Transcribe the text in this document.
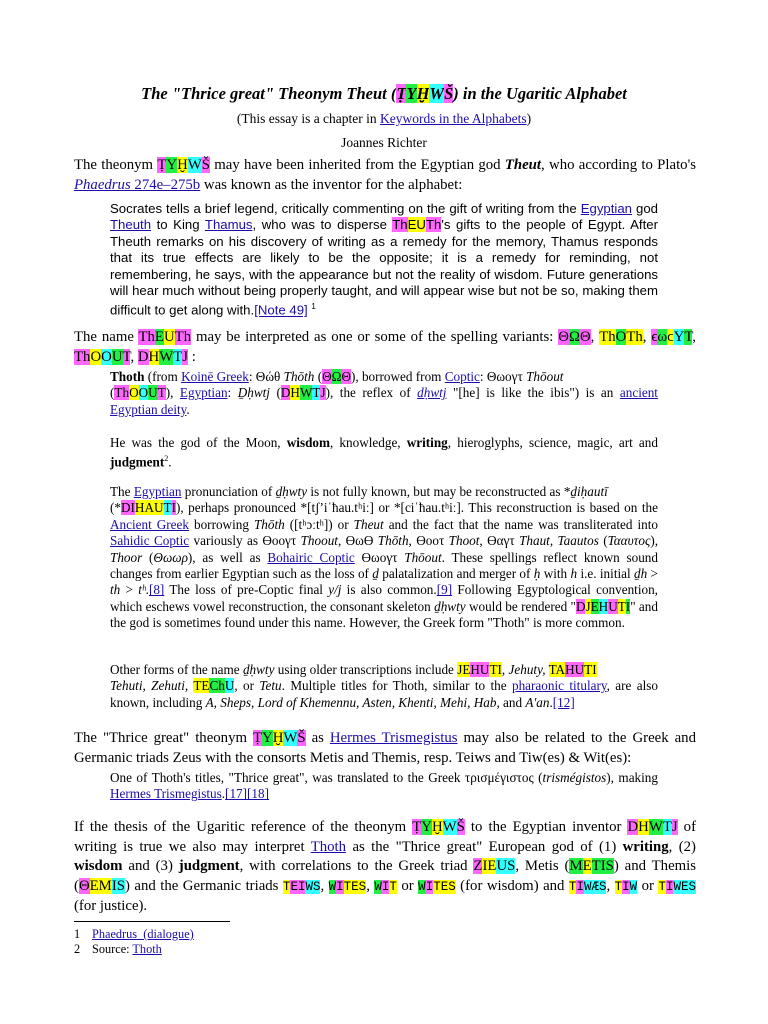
The "Thrice great" Theonym Theut (ṬYḪWŠ) in the Ugaritic Alphabet

(This essay is a chapter in Keywords in the Alphabets)

Joannes Richter

The theonym ṬYḪWŠ may have been inherited from the Egyptian god Theut, who according to Plato's Phaedrus 274e–275b was known as the inventor for the alphabet:

Socrates tells a brief legend, critically commenting on the gift of writing from the Egyptian god Theuth to King Thamus, who was to disperse ThEUTh's gifts to the people of Egypt. After Theuth remarks on his discovery of writing as a remedy for the memory, Thamus responds that its true effects are likely to be the opposite; it is a remedy for reminding, not remembering, he says, with the appearance but not the reality of wisdom. Future generations will hear much without being properly taught, and will appear wise but not be so, making them difficult to get along with.[Note 49] $^1$

The name ThEUTh may be interpreted as one or some of the spelling variants: ΘΩΘ, ThOTh, ϵωϲΥΤ, ThOOUT, DHWTJ :

Thoth (from Koinē Greek: Θώθ Thōth (ΘΩΘ), borrowed from Coptic: Θωογτ Thōout
(ThOOUT), Egyptian: Ḏḥwtj (DHWTJ), the reflex of ḏḥwtj "[he] is like the ibis") is an ancient Egyptian deity.

He was the god of the Moon, wisdom, knowledge, writing, hieroglyphs, science, magic, art and judgment$^2$.

The Egyptian pronunciation of ḏḥwty is not fully known, but may be reconstructed as *ḏiḥautī
(*DIHAUTI), perhaps pronounced *[tʃʼiˈħau.tʰiː] or *[ciˈħau.tʰiː]. This reconstruction is based on the Ancient Greek borrowing Thōth ([tʰɔːtʰ]) or Theut and the fact that the name was transliterated into Sahidic Coptic variously as ϴοογτ Thoout, ϴωϴ Thōth, ϴοοτ Thoot, ϴαγτ Thaut, Taautos (Τααυτος), Thoor (Θωωρ), as well as Bohairic Coptic ϴωογτ Thōout. These spellings reflect known sound changes from earlier Egyptian such as the loss of ḏ palatalization and merger of ḥ with h i.e. initial ḏh > th > tʰ.[8] The loss of pre-Coptic final y/j is also common.[9] Following Egyptological convention, which eschews vowel reconstruction, the consonant skeleton ḏḥwty would be rendered "DJEHUTI" and the god is sometimes found under this name. However, the Greek form "Thoth" is more common.

Other forms of the name ḏḥwty using older transcriptions include JEHUTI, Jehuty, TAHUTI
Tehuti, Zehuti, TEChU, or Tetu. Multiple titles for Thoth, similar to the pharaonic titulary, are also known, including A, Sheps, Lord of Khemennu, Asten, Khenti, Mehi, Hab, and A'an.[12]

The "Thrice great" theonym ṬYḪWŠ as Hermes Trismegistus may also be related to the Greek and Germanic triads Zeus with the consorts Metis and Themis, resp. Teiws and Tiw(es) & Wit(es):

One of Thoth's titles, "Thrice great", was translated to the Greek τρισμέγιστος (trismégistos), making Hermes Trismegistus.[17][18]

If the thesis of the Ugaritic reference of the theonym ṬYḪWŠ to the Egyptian inventor DHWTJ of writing is true we also may interpret Thoth as the "Thrice great" European god of (1) writing, (2) wisdom and (3) judgment, with correlations to the Greek triad ZIEUS, Metis (METIS) and Themis (ΘEMIS) and the Germanic triads TEIWS, WITES, WIT or WITES (for wisdom) and TIWÆS, TIW or TIWES (for justice).

1 Phaedrus_(dialogue)
2 Source: Thoth
